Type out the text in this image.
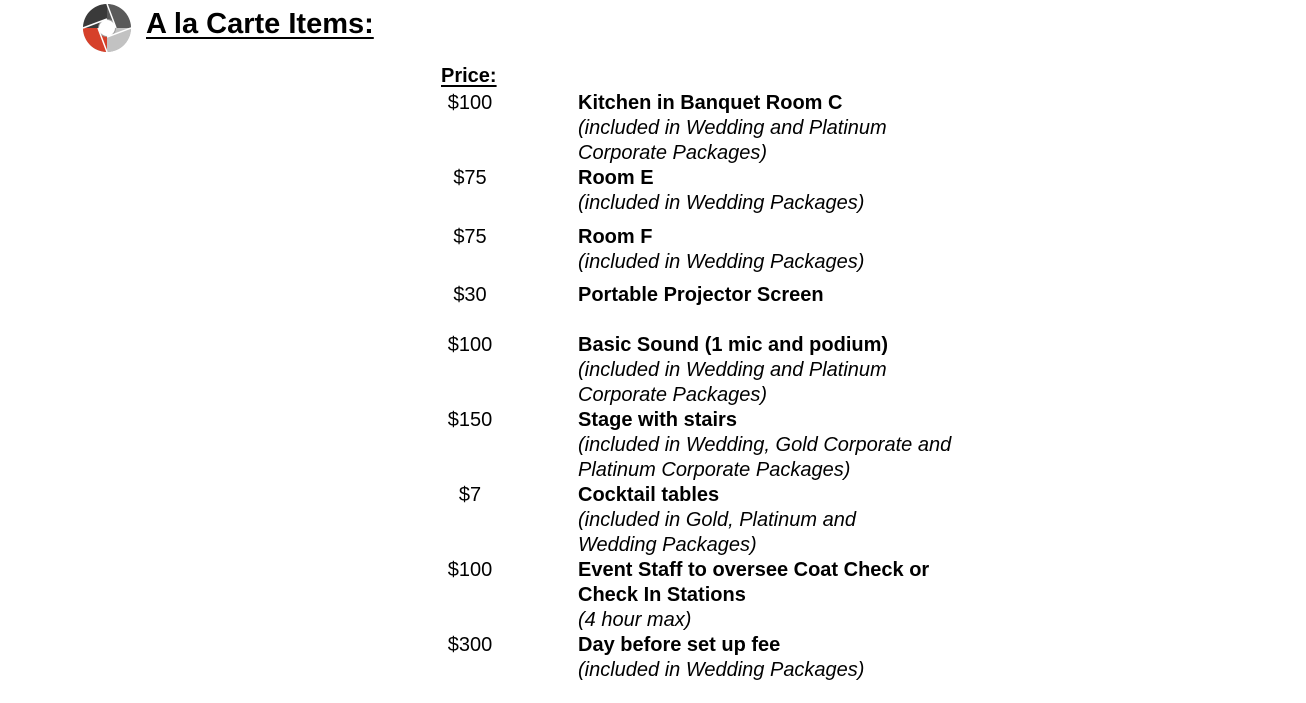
A la Carte Items:
Price:
$100	Kitchen in Banquet Room C
(included in Wedding and Platinum Corporate Packages)
$75	Room E
(included in Wedding Packages)
$75	Room F
(included in Wedding Packages)
$30	Portable Projector Screen
$100	Basic Sound (1 mic and podium)
(included in Wedding and Platinum Corporate Packages)
$150	Stage with stairs
(included in Wedding, Gold Corporate and Platinum Corporate Packages)
$7	Cocktail tables
(included in Gold, Platinum and Wedding Packages)
$100	Event Staff to oversee Coat Check or Check In Stations
(4 hour max)
$300	Day before set up fee
(included in Wedding Packages)
